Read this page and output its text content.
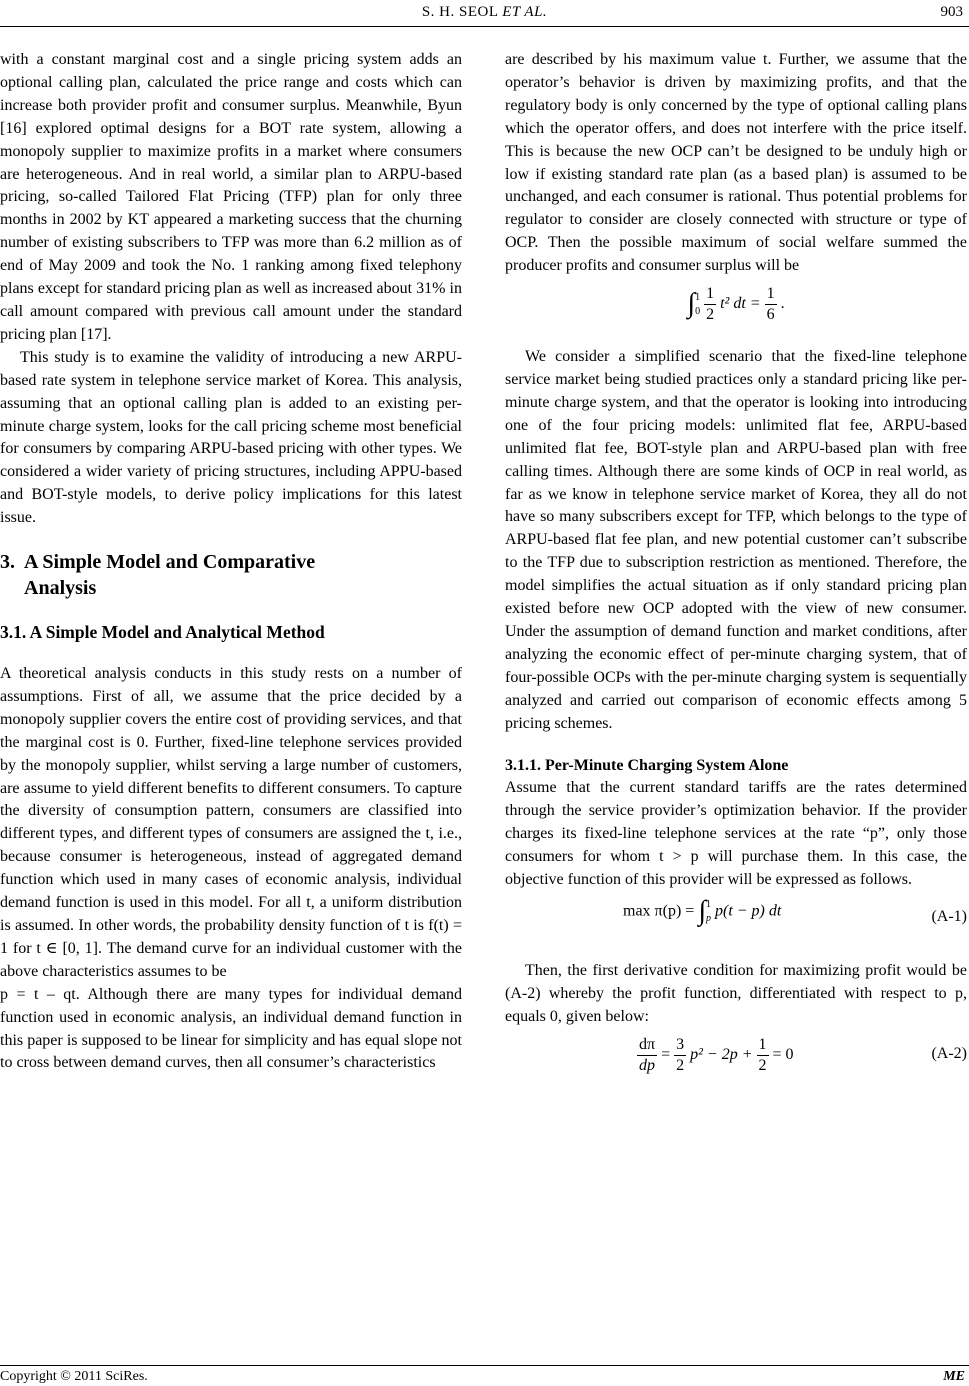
S. H. SEOL ET AL.	903

with a constant marginal cost and a single pricing system adds an optional calling plan, calculated the price range and costs which can increase both provider profit and consumer surplus. Meanwhile, Byun [16] explored optimal designs for a BOT rate system, allowing a monopoly supplier to maximize profits in a market where consumers are heterogeneous. And in real world, a similar plan to ARPU-based pricing, so-called Tailored Flat Pricing (TFP) plan for only three months in 2002 by KT appeared a marketing success that the churning number of existing subscribers to TFP was more than 6.2 million as of end of May 2009 and took the No. 1 ranking among fixed telephony plans except for standard pricing plan as well as increased about 31% in call amount compared with previous call amount under the standard pricing plan [17].

This study is to examine the validity of introducing a new ARPU-based rate system in telephone service market of Korea. This analysis, assuming that an optional calling plan is added to an existing per-minute charge system, looks for the call pricing scheme most beneficial for consumers by comparing ARPU-based pricing with other types. We considered a wider variety of pricing structures, including APPU-based and BOT-style models, to derive policy implications for this latest issue.

3. A Simple Model and Comparative
Analysis
3.1. A Simple Model and Analytical Method

A theoretical analysis conducts in this study rests on a number of assumptions. First of all, we assume that the price decided by a monopoly supplier covers the entire cost of providing services, and that the marginal cost is 0. Further, fixed-line telephone services provided by the monopoly supplier, whilst serving a large number of customers, are assume to yield different benefits to different consumers. To capture the diversity of consumption pattern, consumers are classified into different types, and different types of consumers are assigned the t, i.e., because consumer is heterogeneous, instead of aggregated demand function which used in many cases of economic analysis, individual demand function is used in this model. For all t, a uniform distribution is assumed. In other words, the probability density function of t is f(t) = 1 for t ∈ [0, 1]. The demand curve for an individual customer with the above characteristics assumes to be

p = t – qt. Although there are many types for individual demand function used in economic analysis, an individual demand function in this paper is supposed to be linear for simplicity and has equal slope not to cross between demand curves, then all consumer’s characteristics

are described by his maximum value t. Further, we assume that the operator’s behavior is driven by maximizing profits, and that the regulatory body is only concerned by the type of optional calling plans which the operator offers, and does not interfere with the price itself. This is because the new OCP can’t be designed to be unduly high or low if existing standard rate plan (as a based plan) is assumed to be unchanged, and each consumer is rational. Thus potential problems for regulator to consider are closely connected with structure or type of OCP. Then the possible maximum of social welfare summed the producer profits and consumer surplus will be

∫ 1
0
$\frac{1}{2} t^2$ dt = $\frac{1}{6}$ .

We consider a simplified scenario that the fixed-line telephone service market being studied practices only a standard pricing like per-minute charge system, and that the operator is looking into introducing one of the four pricing models: unlimited flat fee, ARPU-based unlimited flat fee, BOT-style plan and ARPU-based plan with free calling times. Although there are some kinds of OCP in real world, as far as we know in telephone service market of Korea, they all do not have so many subscribers except for TFP, which belongs to the type of ARPU-based flat fee plan, and new potential customer can’t subscribe to the TFP due to subscription restriction as mentioned. Therefore, the model simplifies the actual situation as if only standard pricing plan existed before new OCP adopted with the view of new consumer. Under the assumption of demand function and market conditions, after analyzing the economic effect of per-minute charging system, that of four-possible OCPs with the per-minute charging system is sequentially analyzed and carried out comparison of economic effects among 5 pricing schemes.

3.1.1. Per-Minute Charging System Alone

Assume that the current standard tariffs are the rates determined through the service provider’s optimization behavior. If the provider charges its fixed-line telephone services at the rate “p”, only those consumers for whom t > p will purchase them. In this case, the objective function of this provider will be expressed as follows.

max π(p) = ∫ 1
p p(t − p) dt	(A-1)

Then, the first derivative condition for maximizing profit would be (A-2) whereby the profit function, differentiated with respect to p, equals 0, given below:

$\frac{d\pi}{dp} = \frac{3}{2} p^2 - 2p + \frac{1}{2} = 0$	(A-2)
Copyright © 2011 SciRes.	ME
